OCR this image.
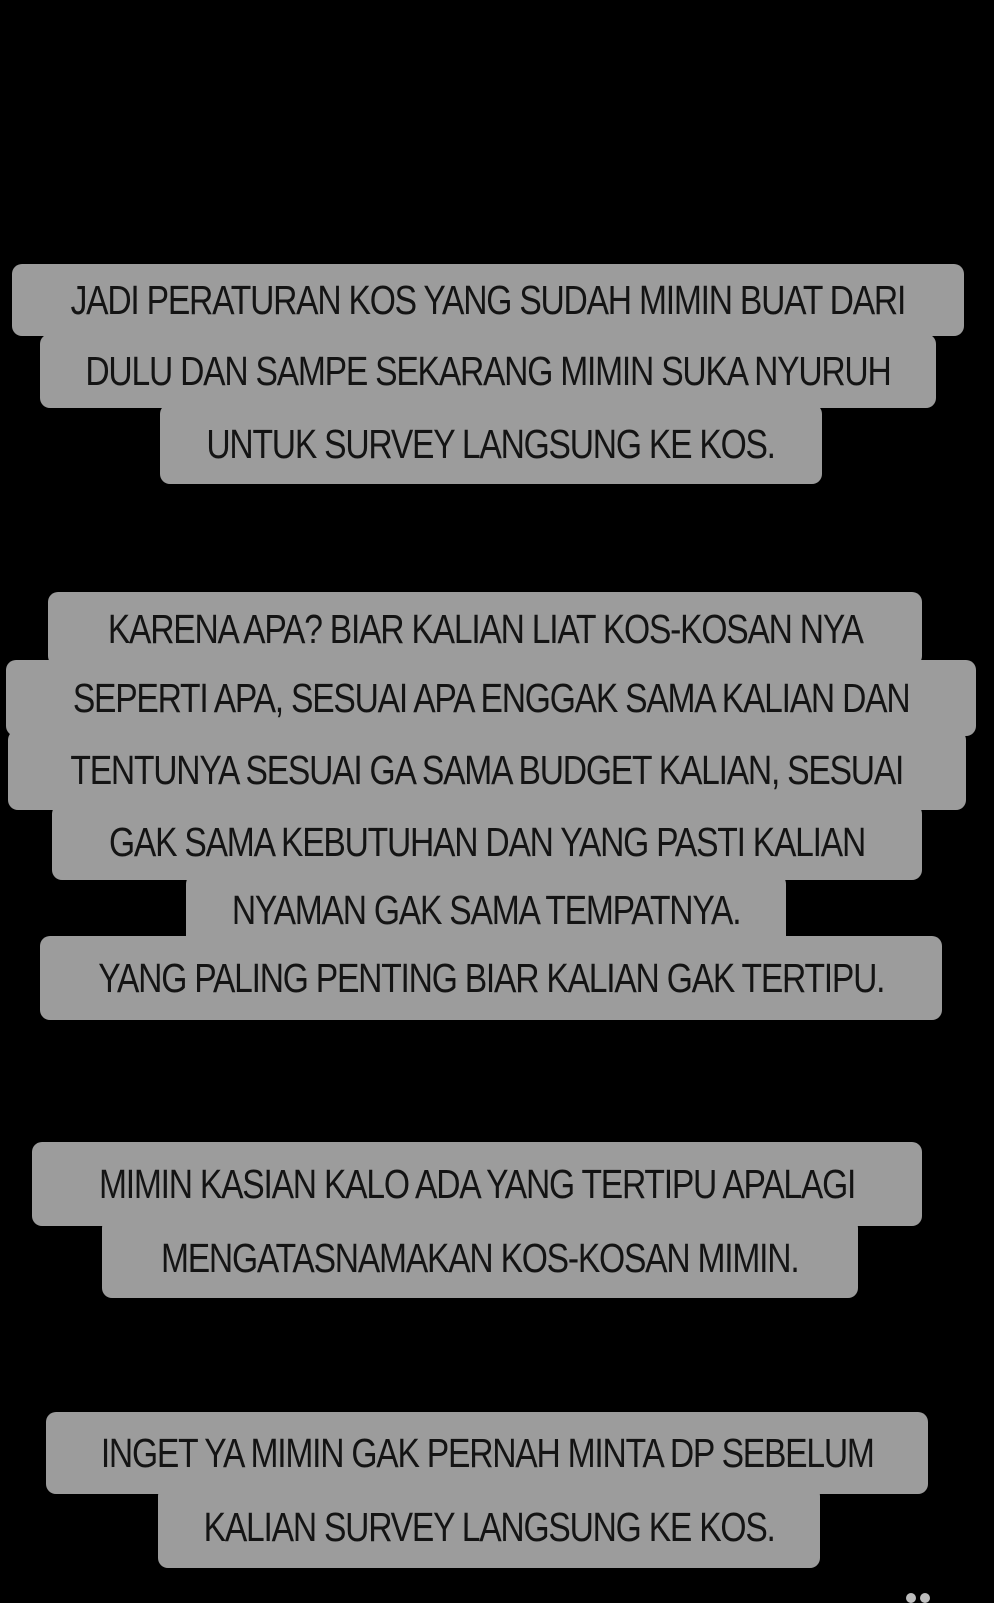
JADI PERATURAN KOS YANG SUDAH MIMIN BUAT DARI
DULU DAN SAMPE SEKARANG MIMIN SUKA NYURUH
UNTUK SURVEY LANGSUNG KE KOS.
KARENA APA? BIAR KALIAN LIAT KOS-KOSAN NYA
SEPERTI APA, SESUAI APA ENGGAK SAMA KALIAN DAN
TENTUNYA SESUAI GA SAMA BUDGET KALIAN, SESUAI
GAK SAMA KEBUTUHAN DAN YANG PASTI KALIAN
NYAMAN GAK SAMA TEMPATNYA.
YANG PALING PENTING BIAR KALIAN GAK TERTIPU.
MIMIN KASIAN KALO ADA YANG TERTIPU APALAGI
MENGATASNAMAKAN KOS-KOSAN MIMIN.
INGET YA MIMIN GAK PERNAH MINTA DP SEBELUM
KALIAN SURVEY LANGSUNG KE KOS.
